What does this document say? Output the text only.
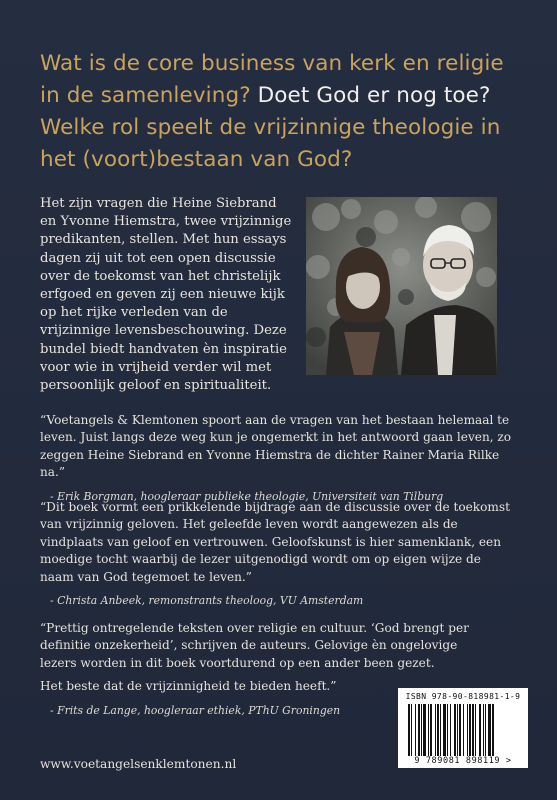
Wat is de core business van kerk en religie in de samenleving? Doet God er nog toe? Welke rol speelt de vrijzinnige theologie in het (voort)bestaan van God?

Het zijn vragen die Heine Siebrand en Yvonne Hiemstra, twee vrijzinnige predikanten, stellen. Met hun essays dagen zij uit tot een open discussie over de toekomst van het christelijk erfgoed en geven zij een nieuwe kijk op het rijke verleden van de vrijzinnige levensbeschouwing. Deze bundel biedt handvaten èn inspiratie voor wie in vrijheid verder wil met persoonlijk geloof en spiritualiteit.

“Voetangels & Klemtonen spoort aan de vragen van het bestaan helemaal te leven. Juist langs deze weg kun je ongemerkt in het antwoord gaan leven, zo zeggen Heine Siebrand en Yvonne Hiemstra de dichter Rainer Maria Rilke na.”

- Erik Borgman, hoogleraar publieke theologie, Universiteit van Tilburg

“Dit boek vormt een prikkelende bijdrage aan de discussie over de toekomst van vrijzinnig geloven. Het geleefde leven wordt aangewezen als de vindplaats van geloof en vertrouwen. Geloofskunst is hier samenklank, een moedige tocht waarbij de lezer uitgenodigd wordt om op eigen wijze de naam van God tegemoet te leven.”

- Christa Anbeek, remonstrants theoloog, VU Amsterdam

“Prettig ontregelende teksten over religie en cultuur. ‘God brengt per definitie onzekerheid’, schrijven de auteurs. Gelovige èn ongelovige lezers worden in dit boek voortdurend op een ander been gezet.

Het beste dat de vrijzinnigheid te bieden heeft.”

- Frits de Lange, hoogleraar ethiek, PThU Groningen

ISBN 978-90-818981-1-9
9 789081 898119 >
www.voetangelsenklemtonen.nl
